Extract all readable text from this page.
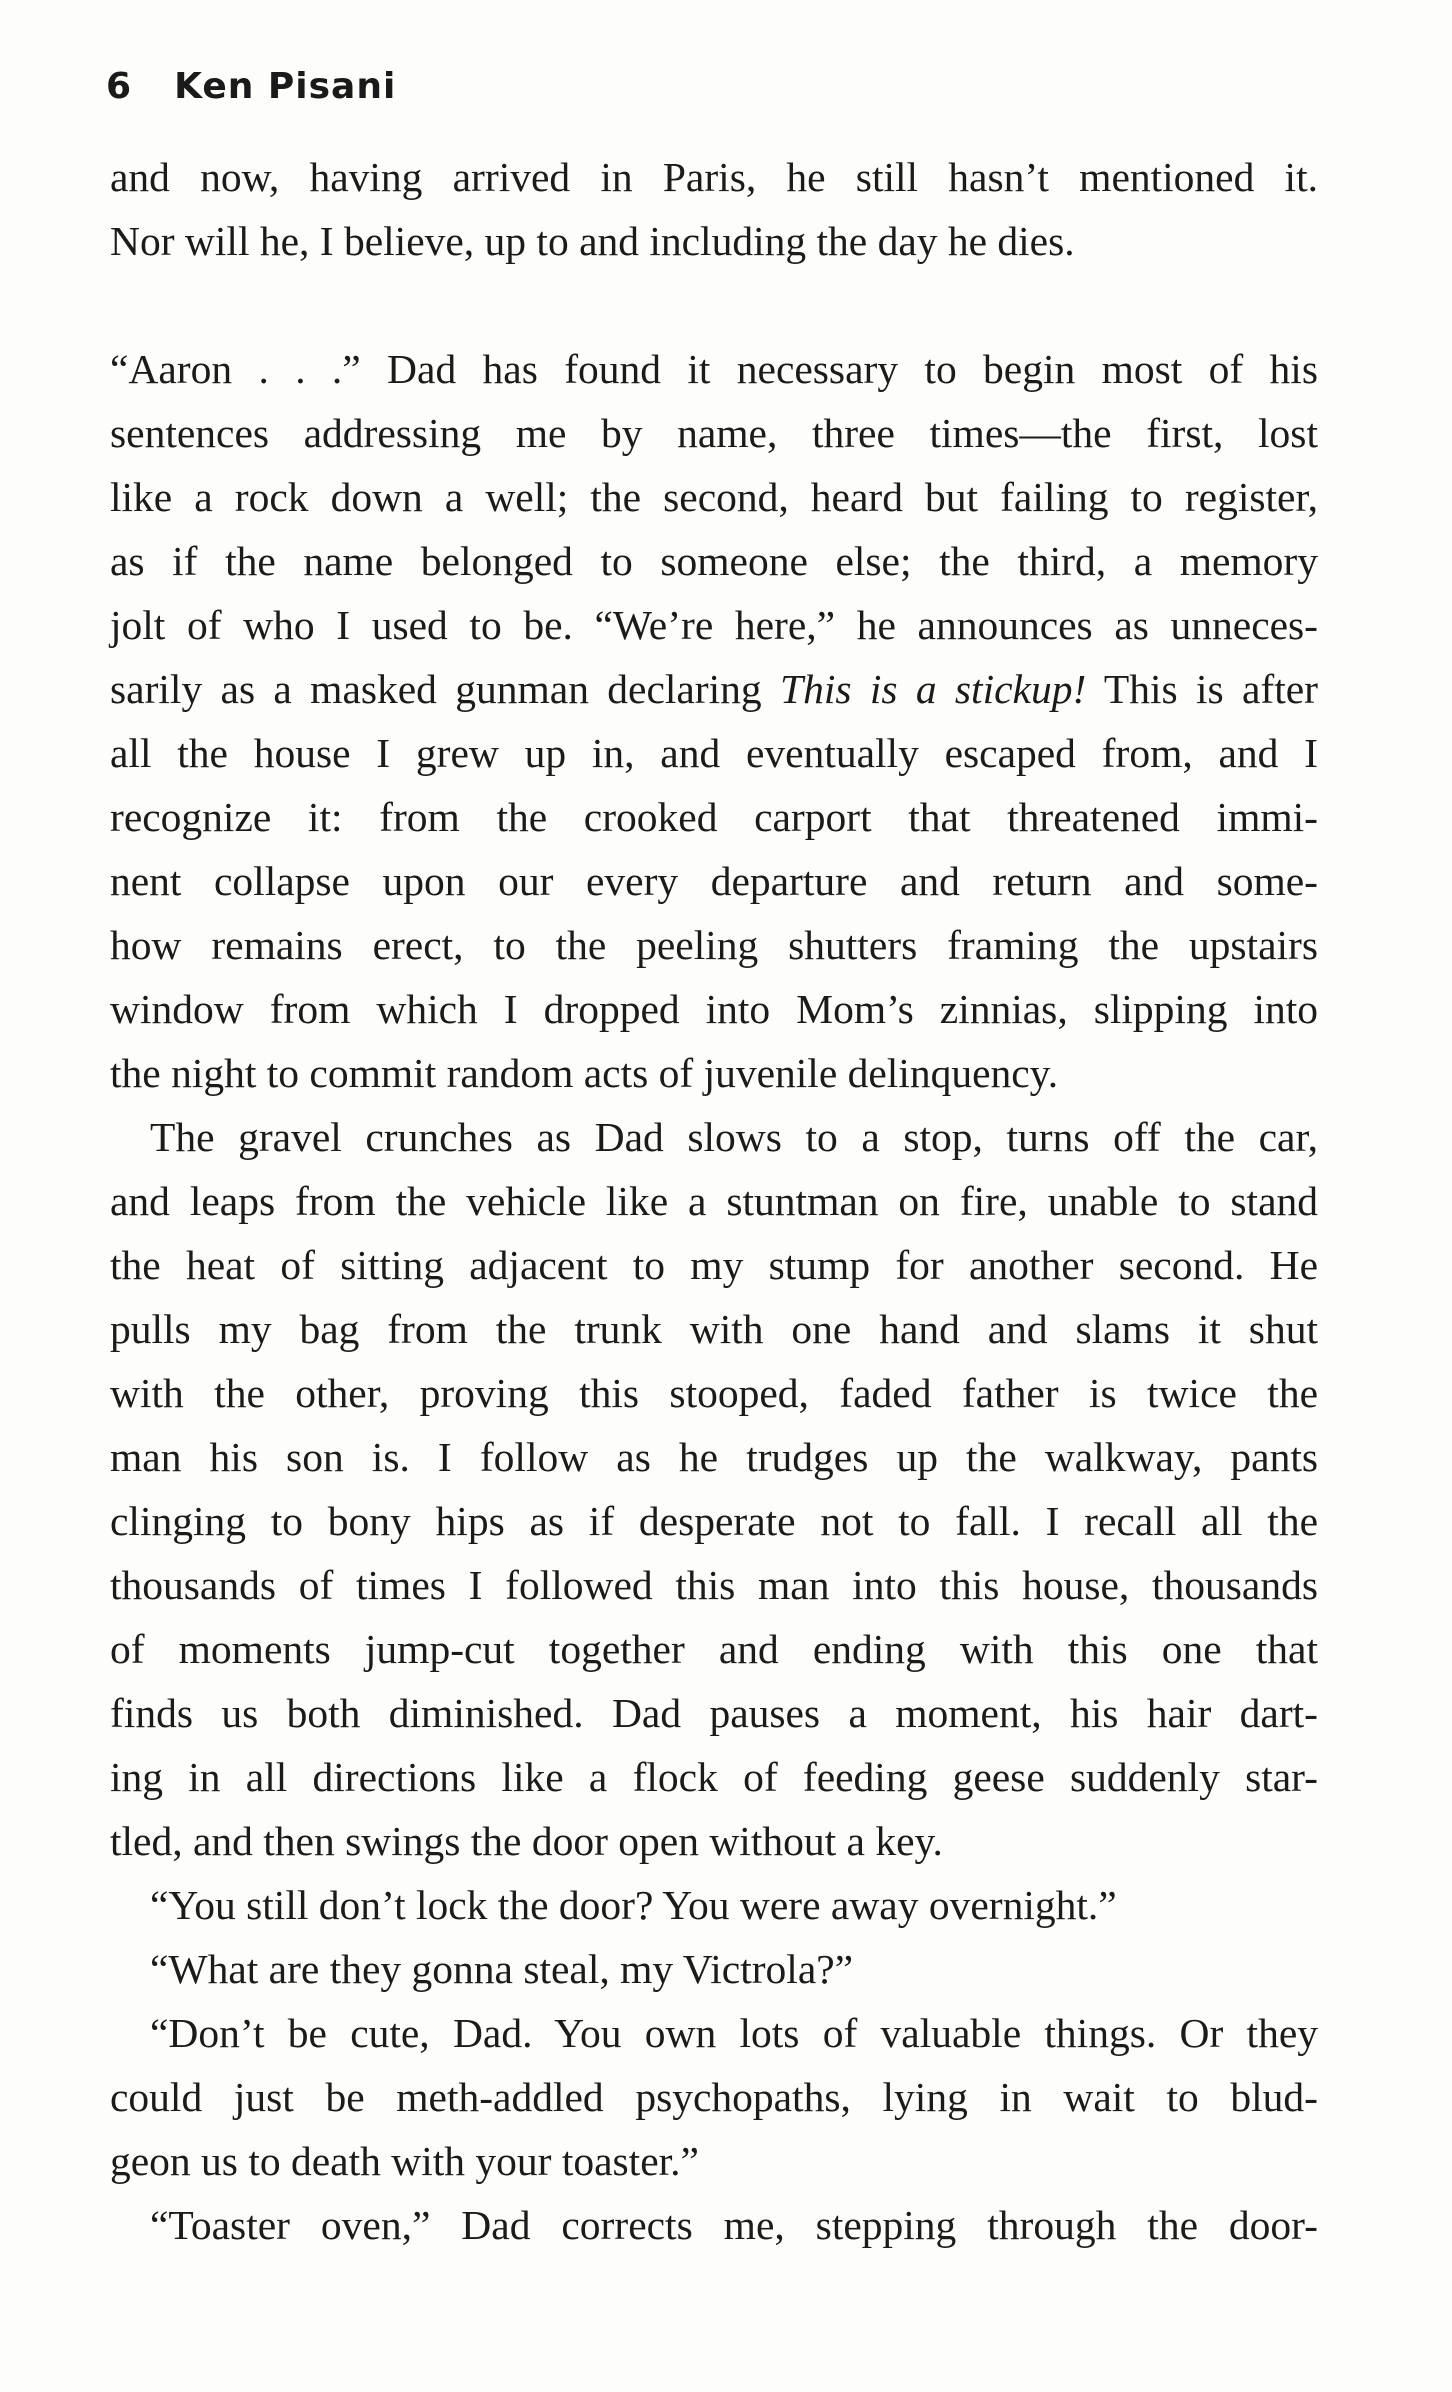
6 Ken Pisani
and now, having arrived in Paris, he still hasn’t mentioned it.
Nor will he, I believe, up to and including the day he dies.
“Aaron . . .” Dad has found it necessary to begin most of his
sentences addressing me by name, three times—the first, lost
like a rock down a well; the second, heard but failing to register,
as if the name belonged to someone else; the third, a memory
jolt of who I used to be. “We’re here,” he announces as unneces-
sarily as a masked gunman declaring This is a stickup! This is after
all the house I grew up in, and eventually escaped from, and I
recognize it: from the crooked carport that threatened immi-
nent collapse upon our every departure and return and some-
how remains erect, to the peeling shutters framing the upstairs
window from which I dropped into Mom’s zinnias, slipping into
the night to commit random acts of juvenile delinquency.
The gravel crunches as Dad slows to a stop, turns off the car,
and leaps from the vehicle like a stuntman on fire, unable to stand
the heat of sitting adjacent to my stump for another second. He
pulls my bag from the trunk with one hand and slams it shut
with the other, proving this stooped, faded father is twice the
man his son is. I follow as he trudges up the walkway, pants
clinging to bony hips as if desperate not to fall. I recall all the
thousands of times I followed this man into this house, thousands
of moments jump-cut together and ending with this one that
finds us both diminished. Dad pauses a moment, his hair dart-
ing in all directions like a flock of feeding geese suddenly star-
tled, and then swings the door open without a key.
“You still don’t lock the door? You were away overnight.”
“What are they gonna steal, my Victrola?”
“Don’t be cute, Dad. You own lots of valuable things. Or they
could just be meth-addled psychopaths, lying in wait to blud-
geon us to death with your toaster.”
“Toaster oven,” Dad corrects me, stepping through the door-
